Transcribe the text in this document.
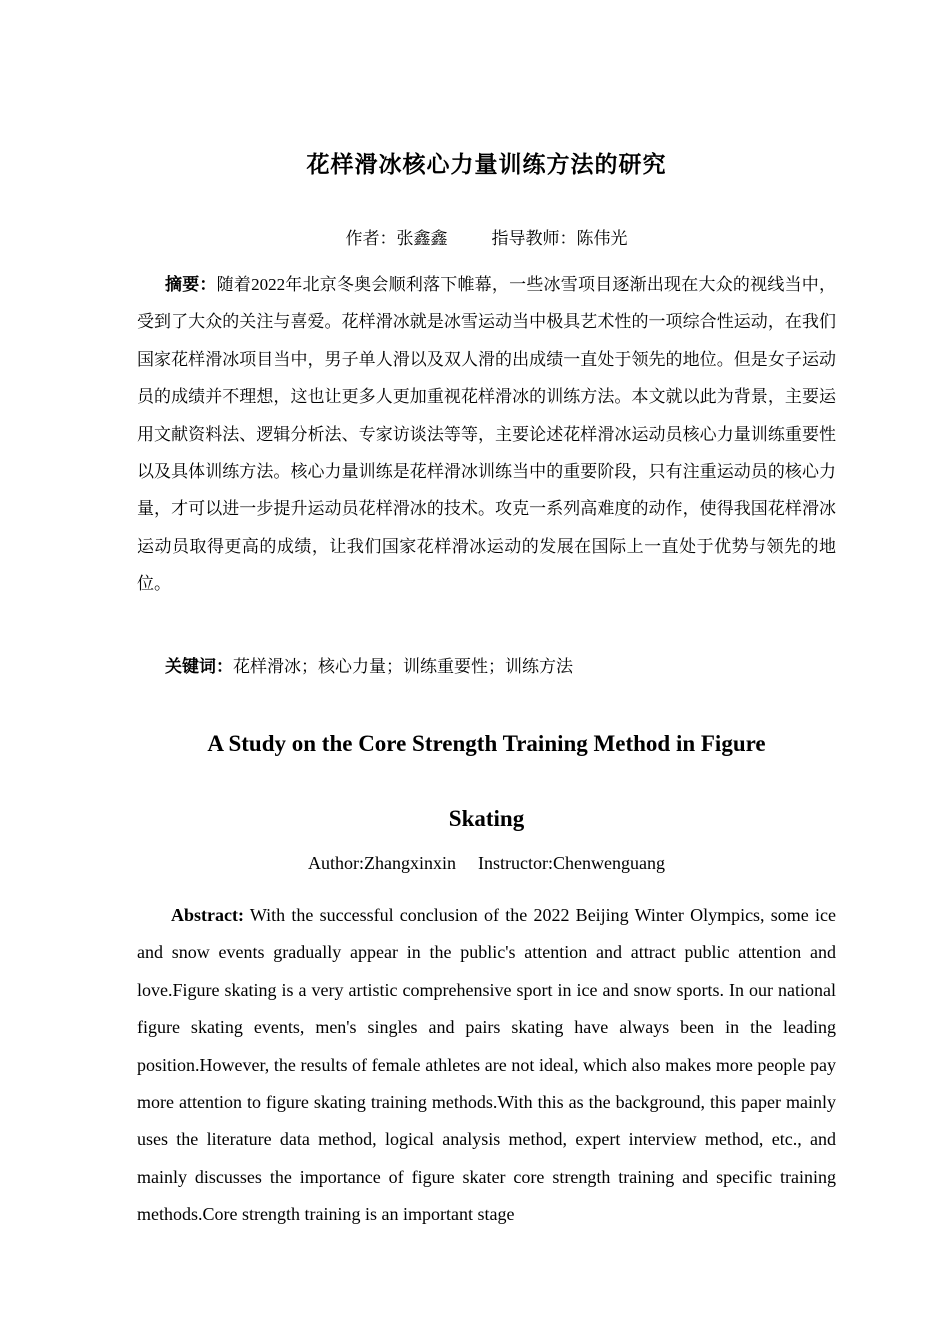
花样滑冰核心力量训练方法的研究
作者：张鑫鑫	指导教师：陈伟光

摘要：随着2022年北京冬奥会顺利落下帷幕，一些冰雪项目逐渐出现在大众的视线当中，受到了大众的关注与喜爱。花样滑冰就是冰雪运动当中极具艺术性的一项综合性运动，在我们国家花样滑冰项目当中，男子单人滑以及双人滑的出成绩一直处于领先的地位。但是女子运动员的成绩并不理想，这也让更多人更加重视花样滑冰的训练方法。本文就以此为背景，主要运用文献资料法、逻辑分析法、专家访谈法等等，主要论述花样滑冰运动员核心力量训练重要性以及具体训练方法。核心力量训练是花样滑冰训练当中的重要阶段，只有注重运动员的核心力量，才可以进一步提升运动员花样滑冰的技术。攻克一系列高难度的动作，使得我国花样滑冰运动员取得更高的成绩，让我们国家花样滑冰运动的发展在国际上一直处于优势与领先的地位。

关键词：花样滑冰；核心力量；训练重要性；训练方法

A Study on the Core Strength Training Method in Figure Skating
Author:Zhangxinxin Instructor:Chenwenguang

Abstract: With the successful conclusion of the 2022 Beijing Winter Olympics, some ice and snow events gradually appear in the public's attention and attract public attention and love.Figure skating is a very artistic comprehensive sport in ice and snow sports. In our national figure skating events, men's singles and pairs skating have always been in the leading position.However, the results of female athletes are not ideal, which also makes more people pay more attention to figure skating training methods.With this as the background, this paper mainly uses the literature data method, logical analysis method, expert interview method, etc., and mainly discusses the importance of figure skater core strength training and specific training methods.Core strength training is an important stage
